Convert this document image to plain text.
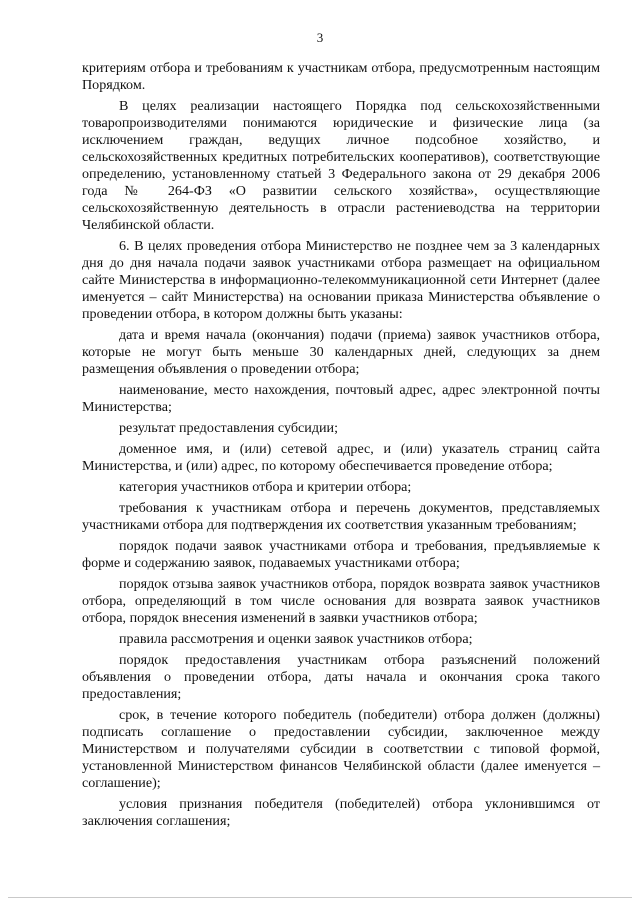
3

критериям отбора и требованиям к участникам отбора, предусмотренным настоящим Порядком.

В целях реализации настоящего Порядка под сельскохозяйственными товаропроизводителями понимаются юридические и физические лица (за исключением граждан, ведущих личное подсобное хозяйство, и сельскохозяйственных кредитных потребительских кооперативов), соответствующие определению, установленному статьей 3 Федерального закона от 29 декабря 2006 года № 264-ФЗ «О развитии сельского хозяйства», осуществляющие сельскохозяйственную деятельность в отрасли растениеводства на территории Челябинской области.

6. В целях проведения отбора Министерство не позднее чем за 3 календарных дня до дня начала подачи заявок участниками отбора размещает на официальном сайте Министерства в информационно-телекоммуникационной сети Интернет (далее именуется – сайт Министерства) на основании приказа Министерства объявление о проведении отбора, в котором должны быть указаны:

дата и время начала (окончания) подачи (приема) заявок участников отбора, которые не могут быть меньше 30 календарных дней, следующих за днем размещения объявления о проведении отбора;

наименование, место нахождения, почтовый адрес, адрес электронной почты Министерства;

результат предоставления субсидии;

доменное имя, и (или) сетевой адрес, и (или) указатель страниц сайта Министерства, и (или) адрес, по которому обеспечивается проведение отбора;

категория участников отбора и критерии отбора;

требования к участникам отбора и перечень документов, представляемых участниками отбора для подтверждения их соответствия указанным требованиям;

порядок подачи заявок участниками отбора и требования, предъявляемые к форме и содержанию заявок, подаваемых участниками отбора;

порядок отзыва заявок участников отбора, порядок возврата заявок участников отбора, определяющий в том числе основания для возврата заявок участников отбора, порядок внесения изменений в заявки участников отбора;

правила рассмотрения и оценки заявок участников отбора;

порядок предоставления участникам отбора разъяснений положений объявления о проведении отбора, даты начала и окончания срока такого предоставления;

срок, в течение которого победитель (победители) отбора должен (должны) подписать соглашение о предоставлении субсидии, заключенное между Министерством и получателями субсидии в соответствии с типовой формой, установленной Министерством финансов Челябинской области (далее именуется – соглашение);

условия признания победителя (победителей) отбора уклонившимся от заключения соглашения;
